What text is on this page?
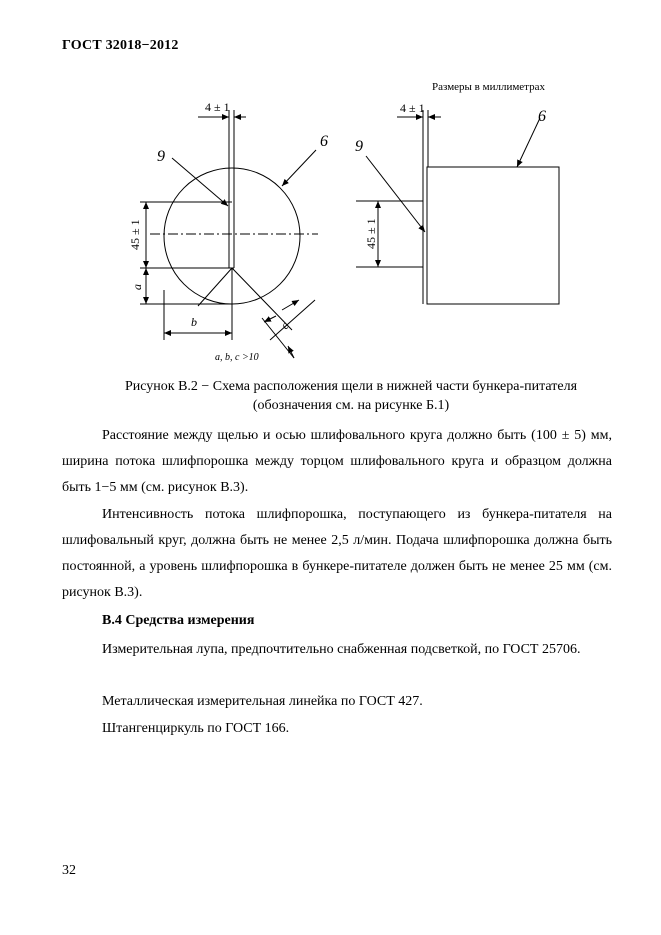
ГОСТ 32018−2012
Размеры в миллиметрах
4 ± 1
9
6
45 ± 1
a
b	c
a, b, c >10
4 ± 1
9
6
45 ± 1
Рисунок В.2 − Схема расположения щели в нижней части бункера-питателя
(обозначения см. на рисунке Б.1)
Расстояние между щелью и осью шлифовального круга должно быть (100 ± 5) мм, ширина потока шлифпорошка между торцом шлифовального круга и образцом должна быть 1−5 мм (см. рисунок В.3).
Интенсивность потока шлифпорошка, поступающего из бункера-питателя на шлифовальный круг, должна быть не менее 2,5 л/мин. Подача шлифпорошка должна быть постоянной, а уровень шлифпорошка в бункере-питателе должен быть не менее 25 мм (см. рисунок В.3).
В.4 Средства измерения
Измерительная лупа, предпочтительно снабженная подсветкой, по ГОСТ 25706.
Металлическая измерительная линейка по ГОСТ 427.
Штангенциркуль по ГОСТ 166.
32
